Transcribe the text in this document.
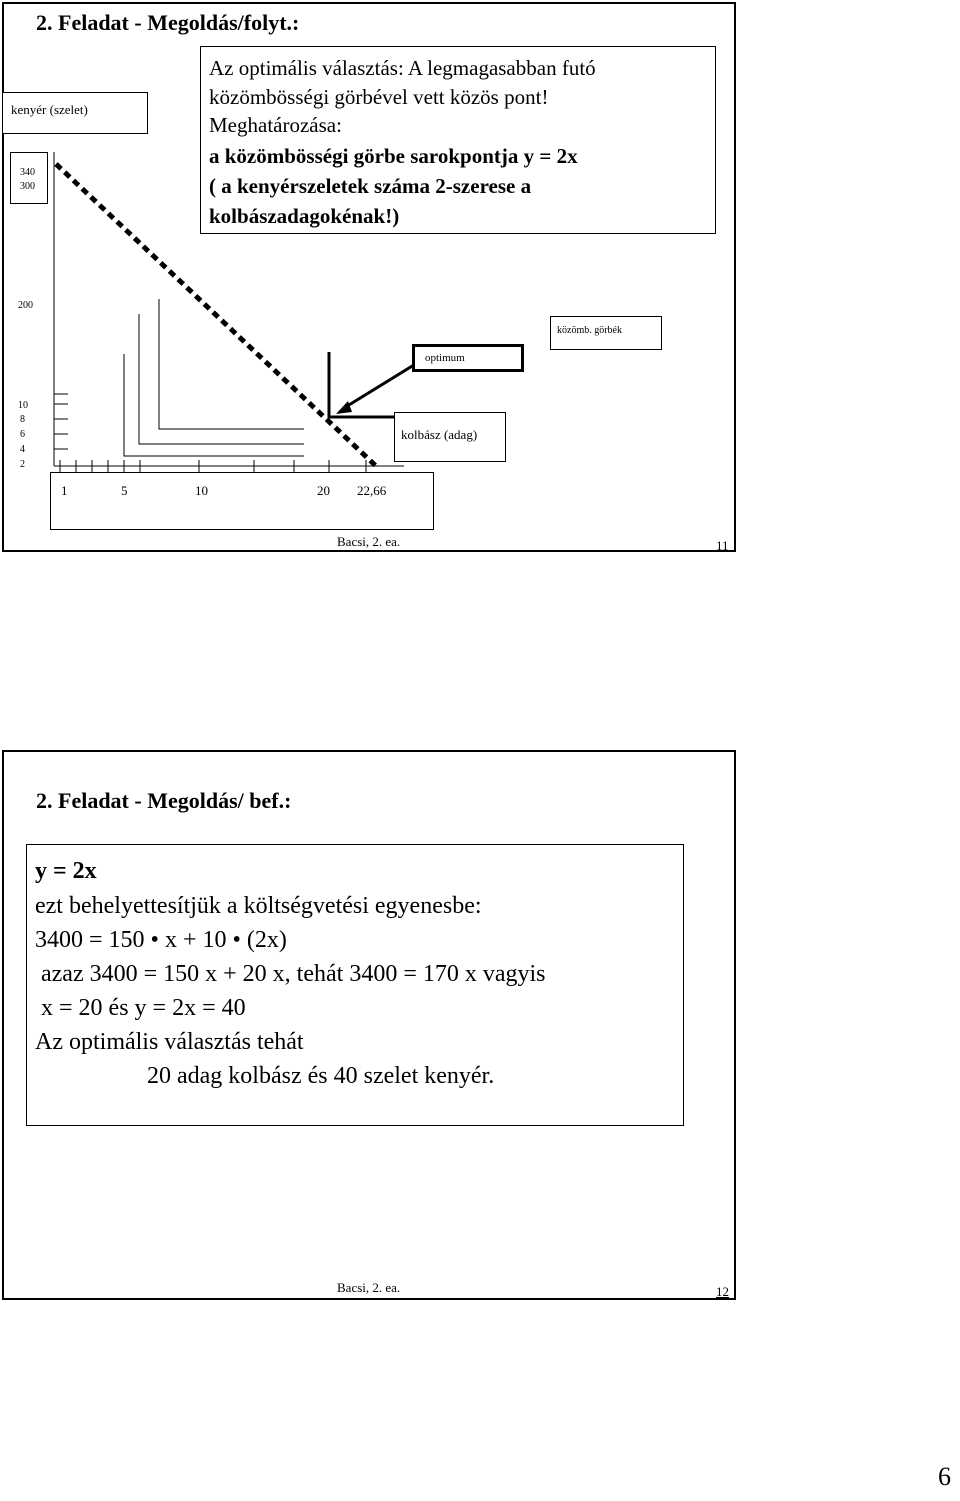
2. Feladat - Megoldás/folyt.:
kenyér (szelet)
340
300
200
10
8
6
4
2
Az optimális választás: A legmagasabban futó
közömbösségi görbével vett közös pont!
Meghatározása:
a közömbösségi görbe sarokpontja y = 2x
( a kenyérszeletek száma 2-szerese a
kolbászadagokénak!)
közömb. görbék
optimum
kolbász (adag)
1	5	10	20 22,66
Bacsi, 2. ea.	11
2. Feladat - Megoldás/ bef.:
y = 2x
ezt behelyettesítjük a költségvetési egyenesbe:
3400 = 150 • x + 10 • (2x)
azaz 3400 = 150 x + 20 x, tehát 3400 = 170 x vagyis
x = 20 és y = 2x = 40
Az optimális választás tehát
20 adag kolbász és 40 szelet kenyér.
Bacsi, 2. ea.	12
6
